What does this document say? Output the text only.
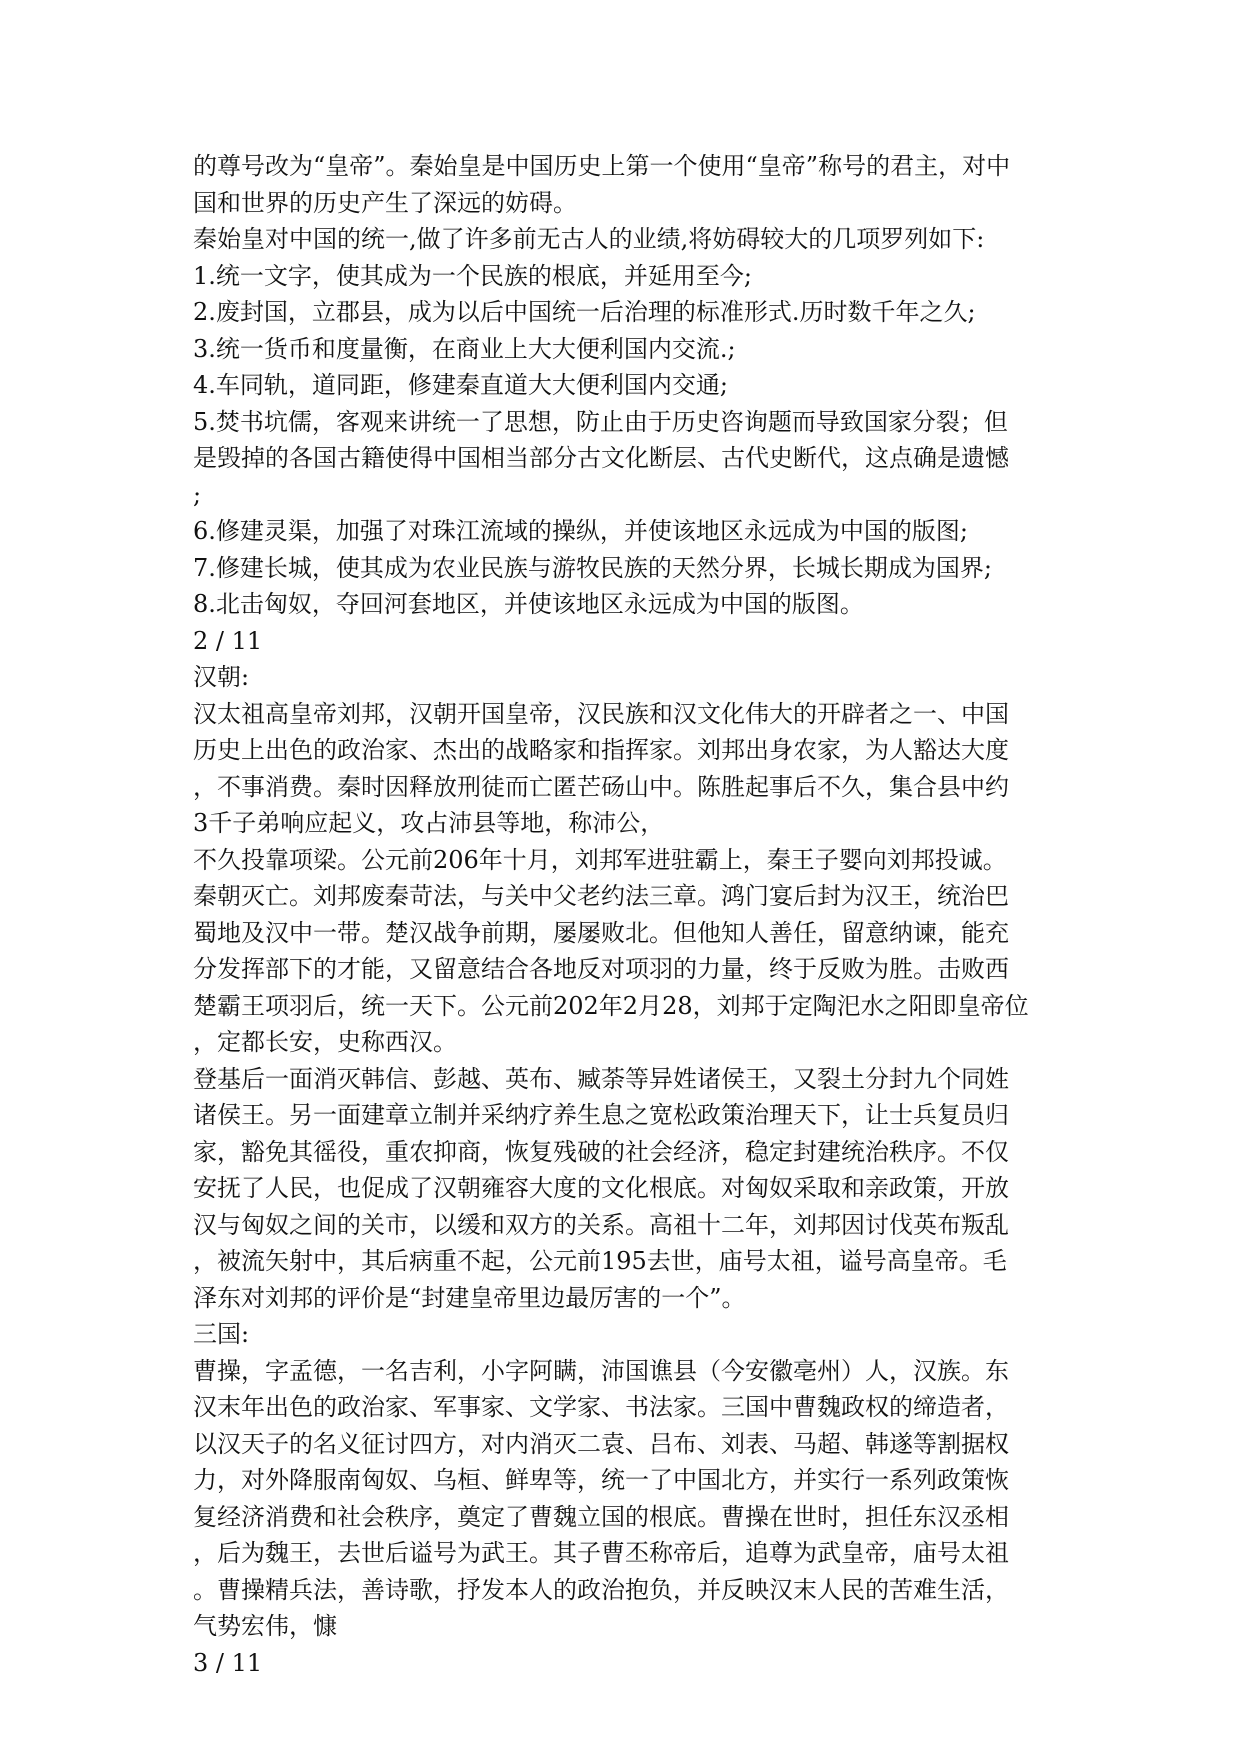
的尊号改为“皇帝”。秦始皇是中国历史上第一个使用“皇帝”称号的君主，对中
国和世界的历史产生了深远的妨碍。
秦始皇对中国的统一,做了许多前无古人的业绩,将妨碍较大的几项罗列如下:
1.统一文字，使其成为一个民族的根底，并延用至今;
2.废封国，立郡县，成为以后中国统一后治理的标准形式.历时数千年之久;
3.统一货币和度量衡，在商业上大大便利国内交流.;
4.车同轨，道同距，修建秦直道大大便利国内交通;
5.焚书坑儒，客观来讲统一了思想，防止由于历史咨询题而导致国家分裂；但
是毁掉的各国古籍使得中国相当部分古文化断层、古代史断代，这点确是遗憾
;
6.修建灵渠，加强了对珠江流域的操纵，并使该地区永远成为中国的版图;
7.修建长城，使其成为农业民族与游牧民族的天然分界，长城长期成为国界;
8.北击匈奴，夺回河套地区，并使该地区永远成为中国的版图。
2 / 11
汉朝:
汉太祖高皇帝刘邦，汉朝开国皇帝，汉民族和汉文化伟大的开辟者之一、中国
历史上出色的政治家、杰出的战略家和指挥家。刘邦出身农家，为人豁达大度
，不事消费。秦时因释放刑徒而亡匿芒砀山中。陈胜起事后不久，集合县中约
3千子弟响应起义，攻占沛县等地，称沛公，
不久投靠项梁。公元前206年十月，刘邦军进驻霸上，秦王子婴向刘邦投诚。
秦朝灭亡。刘邦废秦苛法，与关中父老约法三章。鸿门宴后封为汉王，统治巴
蜀地及汉中一带。楚汉战争前期，屡屡败北。但他知人善任，留意纳谏，能充
分发挥部下的才能，又留意结合各地反对项羽的力量，终于反败为胜。击败西
楚霸王项羽后，统一天下。公元前202年2月28，刘邦于定陶汜水之阳即皇帝位
，定都长安，史称西汉。
登基后一面消灭韩信、彭越、英布、臧荼等异姓诸侯王，又裂土分封九个同姓
诸侯王。另一面建章立制并采纳疗养生息之宽松政策治理天下，让士兵复员归
家，豁免其徭役，重农抑商，恢复残破的社会经济，稳定封建统治秩序。不仅
安抚了人民，也促成了汉朝雍容大度的文化根底。对匈奴采取和亲政策，开放
汉与匈奴之间的关市，以缓和双方的关系。高祖十二年，刘邦因讨伐英布叛乱
，被流矢射中，其后病重不起，公元前195去世，庙号太祖，谥号高皇帝。毛
泽东对刘邦的评价是“封建皇帝里边最厉害的一个”。
三国:
曹操，字孟德，一名吉利，小字阿瞒，沛国谯县（今安徽亳州）人，汉族。东
汉末年出色的政治家、军事家、文学家、书法家。三国中曹魏政权的缔造者，
以汉天子的名义征讨四方，对内消灭二袁、吕布、刘表、马超、韩遂等割据权
力，对外降服南匈奴、乌桓、鲜卑等，统一了中国北方，并实行一系列政策恢
复经济消费和社会秩序，奠定了曹魏立国的根底。曹操在世时，担任东汉丞相
，后为魏王，去世后谥号为武王。其子曹丕称帝后，追尊为武皇帝，庙号太祖
。曹操精兵法，善诗歌，抒发本人的政治抱负，并反映汉末人民的苦难生活，
气势宏伟，慷
3 / 11
